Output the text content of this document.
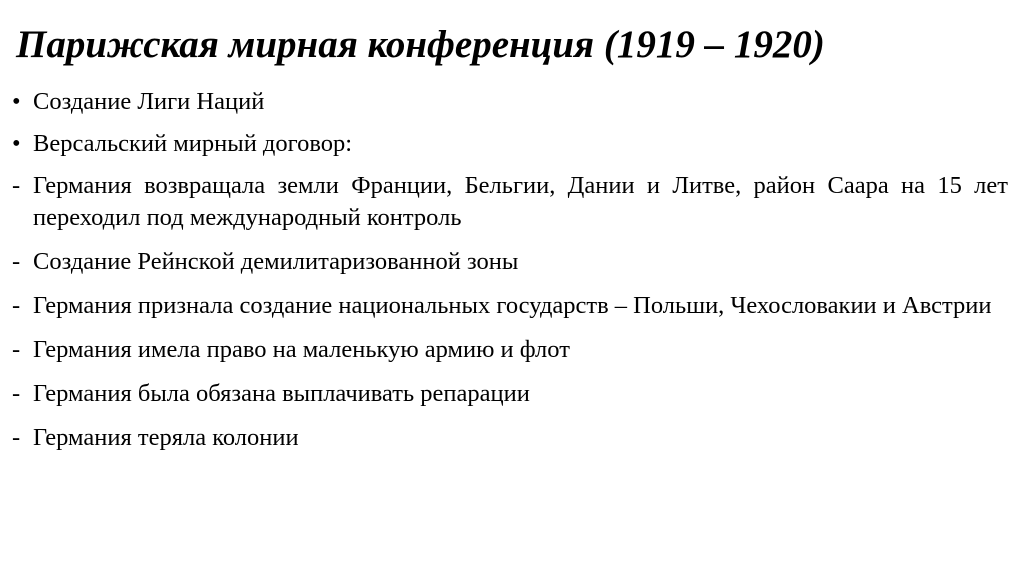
Парижская мирная конференция (1919 – 1920)
• Создание Лиги Наций
• Версальский мирный договор:
- Германия возвращала земли Франции, Бельгии, Дании и Литве, район Саара на 15 лет переходил под международный контроль
- Создание Рейнской демилитаризованной зоны
- Германия признала создание национальных государств – Польши, Чехословакии и Австрии
- Германия имела право на маленькую армию и флот
- Германия была обязана выплачивать репарации
- Германия теряла колонии
